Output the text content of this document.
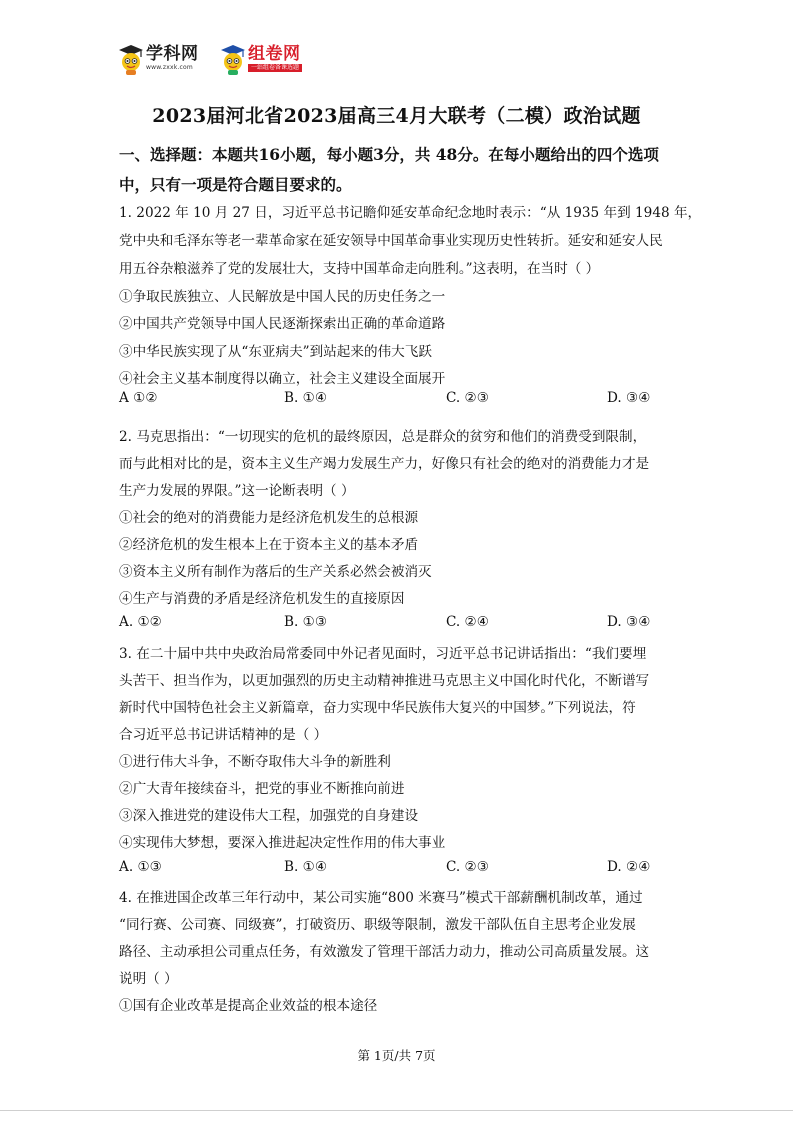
学科网
www.zxxk.com
组卷网
一站组卷备课选题
2023届河北省2023届高三4月大联考（二模）政治试题
一、选择题：本题共16小题，每小题3分，共 48分。在每小题给出的四个选项中，只有一项是符合题目要求的。
1. 2022 年 10 月 27 日，习近平总书记瞻仰延安革命纪念地时表示：“从 1935 年到 1948 年，
党中央和毛泽东等老一辈革命家在延安领导中国革命事业实现历史性转折。延安和延安人民
用五谷杂粮滋养了党的发展壮大，支持中国革命走向胜利。”这表明，在当时（ ）
①争取民族独立、人民解放是中国人民的历史任务之一
②中国共产党领导中国人民逐渐探索出正确的革命道路
③中华民族实现了从“东亚病夫”到站起来的伟大飞跃
④社会主义基本制度得以确立，社会主义建设全面展开
A ①②	B. ①④	C. ②③	D. ③④
2. 马克思指出：“一切现实的危机的最终原因，总是群众的贫穷和他们的消费受到限制，
而与此相对比的是，资本主义生产竭力发展生产力，好像只有社会的绝对的消费能力才是
生产力发展的界限。”这一论断表明（ ）
①社会的绝对的消费能力是经济危机发生的总根源
②经济危机的发生根本上在于资本主义的基本矛盾
③资本主义所有制作为落后的生产关系必然会被消灭
④生产与消费的矛盾是经济危机发生的直接原因
A. ①②	B. ①③	C. ②④	D. ③④
3. 在二十届中共中央政治局常委同中外记者见面时，习近平总书记讲话指出：“我们要埋
头苦干、担当作为，以更加强烈的历史主动精神推进马克思主义中国化时代化，不断谱写
新时代中国特色社会主义新篇章，奋力实现中华民族伟大复兴的中国梦。”下列说法，符
合习近平总书记讲话精神的是（ ）
①进行伟大斗争，不断夺取伟大斗争的新胜利
②广大青年接续奋斗，把党的事业不断推向前进
③深入推进党的建设伟大工程，加强党的自身建设
④实现伟大梦想，要深入推进起决定性作用的伟大事业
A. ①③	B. ①④	C. ②③	D. ②④
4. 在推进国企改革三年行动中，某公司实施“800 米赛马”模式干部薪酬机制改革，通过
“同行赛、公司赛、同级赛”，打破资历、职级等限制，激发干部队伍自主思考企业发展
路径、主动承担公司重点任务，有效激发了管理干部活力动力，推动公司高质量发展。这
说明（ ）
①国有企业改革是提高企业效益的根本途径
第 1页/共 7页
